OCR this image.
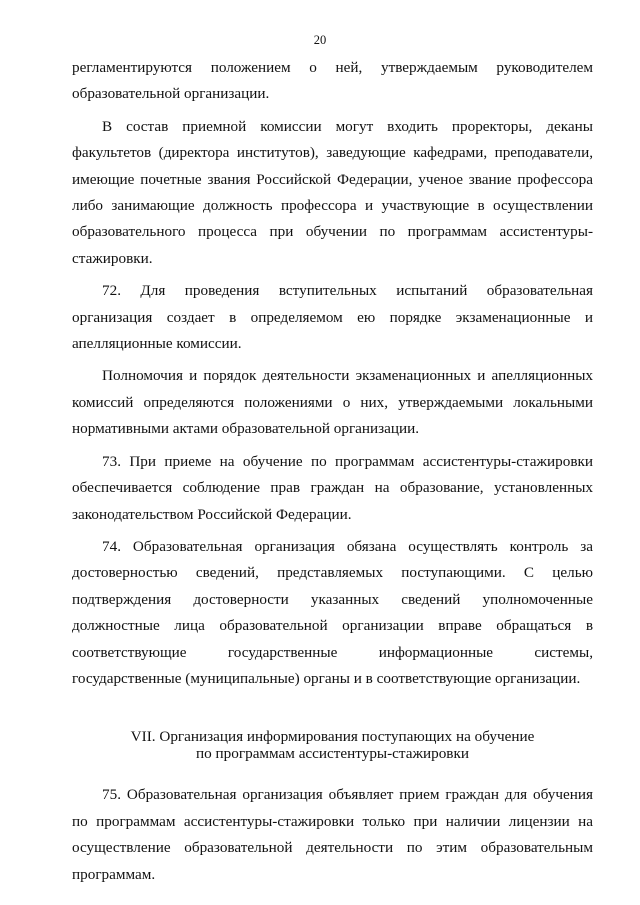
20

регламентируются положением о ней, утверждаемым руководителем образовательной организации.

В состав приемной комиссии могут входить проректоры, деканы факультетов (директора институтов), заведующие кафедрами, преподаватели, имеющие почетные звания Российской Федерации, ученое звание профессора либо занимающие должность профессора и участвующие в осуществлении образовательного процесса при обучении по программам ассистентуры-стажировки.

72. Для проведения вступительных испытаний образовательная организация создает в определяемом ею порядке экзаменационные и апелляционные комиссии.

Полномочия и порядок деятельности экзаменационных и апелляционных комиссий определяются положениями о них, утверждаемыми локальными нормативными актами образовательной организации.

73. При приеме на обучение по программам ассистентуры-стажировки обеспечивается соблюдение прав граждан на образование, установленных законодательством Российской Федерации.

74. Образовательная организация обязана осуществлять контроль за достоверностью сведений, представляемых поступающими. С целью подтверждения достоверности указанных сведений уполномоченные должностные лица образовательной организации вправе обращаться в соответствующие государственные информационные системы, государственные (муниципальные) органы и в соответствующие организации.

VII. Организация информирования поступающих на обучение
по программам ассистентуры-стажировки

75. Образовательная организация объявляет прием граждан для обучения по программам ассистентуры-стажировки только при наличии лицензии на осуществление образовательной деятельности по этим образовательным программам.
